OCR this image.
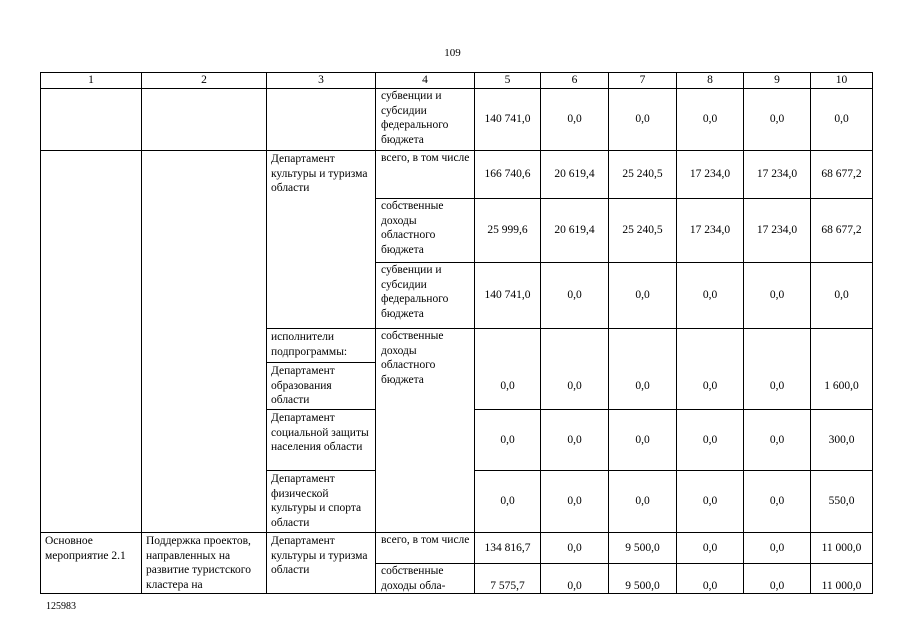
109
1	2	3	4	5	6	7	8	9	10
			субвенции и субсидии федерального бюджета	140 741,0	0,0	0,0	0,0	0,0	0,0
		Департамент культуры и туризма области	всего, в том числе	166 740,6	20 619,4	25 240,5	17 234,0	17 234,0	68 677,2
			собственные доходы областного бюджета	25 999,6	20 619,4	25 240,5	17 234,0	17 234,0	68 677,2
			субвенции и субсидии федерального бюджета	140 741,0	0,0	0,0	0,0	0,0	0,0
		исполнители подпрограммы:	собственные доходы областного бюджета						
		Департамент образования области		0,0	0,0	0,0	0,0	0,0	1 600,0
		Департамент социальной защиты населения области		0,0	0,0	0,0	0,0	0,0	300,0
		Департамент физической культуры и спорта области		0,0	0,0	0,0	0,0	0,0	550,0
Основное мероприятие 2.1	Поддержка проектов, направленных на развитие туристского кластера на	Департамент культуры и туризма области	всего, в том числе	134 816,7	0,0	9 500,0	0,0	0,0	11 000,0
			собственные доходы обла-	7 575,7	0,0	9 500,0	0,0	0,0	11 000,0
125983
